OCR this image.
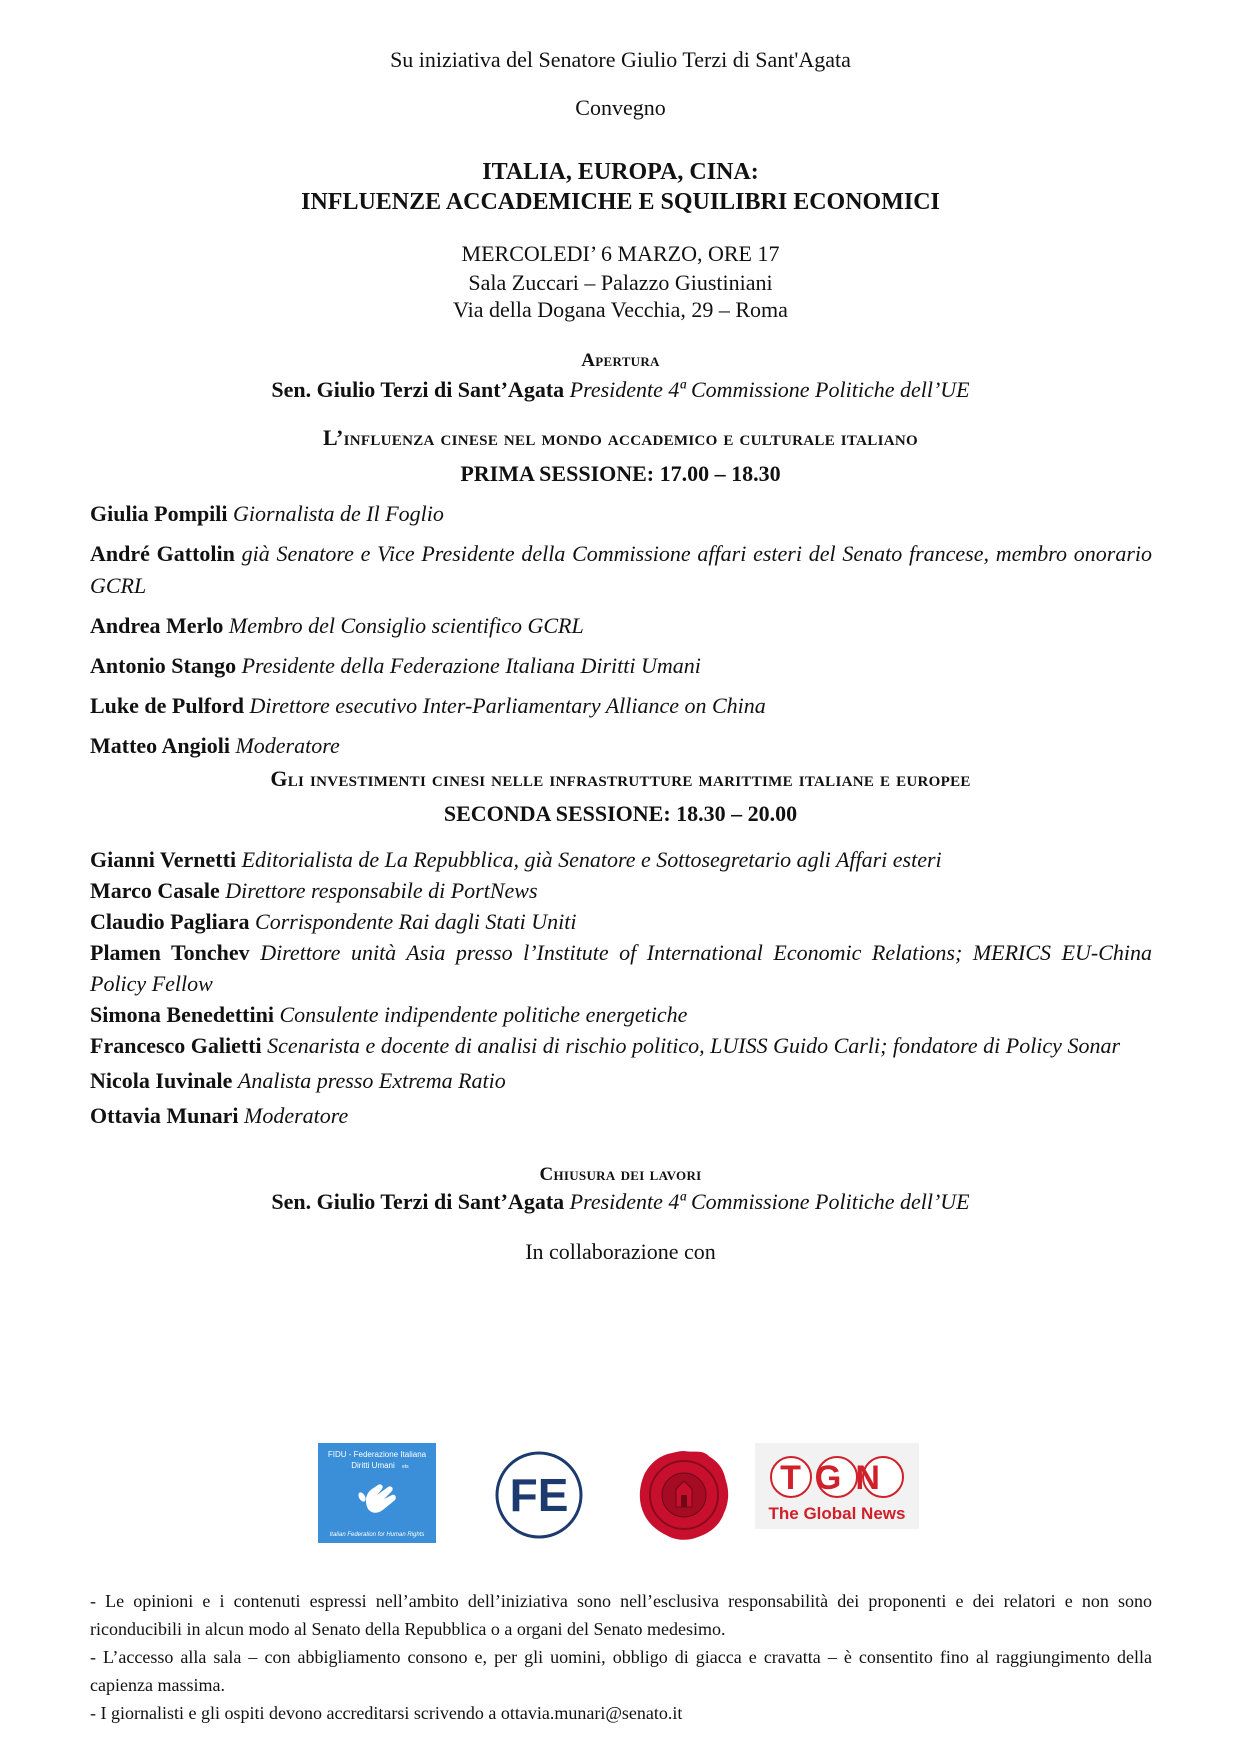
Su iniziativa del Senatore Giulio Terzi di Sant'Agata
Convegno
ITALIA, EUROPA, CINA:
INFLUENZE ACCADEMICHE E SQUILIBRI ECONOMICI
MERCOLEDI’ 6 MARZO, ORE 17
Sala Zuccari – Palazzo Giustiniani
Via della Dogana Vecchia, 29 – Roma
Apertura
Sen. Giulio Terzi di Sant’Agata Presidente 4ª Commissione Politiche dell’UE
L’influenza cinese nel mondo accademico e culturale italiano
PRIMA SESSIONE: 17.00 – 18.30
Giulia Pompili Giornalista de Il Foglio
André Gattolin già Senatore e Vice Presidente della Commissione affari esteri del Senato francese, membro onorario GCRL
Andrea Merlo Membro del Consiglio scientifico GCRL
Antonio Stango Presidente della Federazione Italiana Diritti Umani
Luke de Pulford Direttore esecutivo Inter-Parliamentary Alliance on China
Matteo Angioli Moderatore
Gli investimenti cinesi nelle infrastrutture marittime italiane e europee
SECONDA SESSIONE: 18.30 – 20.00
Gianni Vernetti Editorialista de La Repubblica, già Senatore e Sottosegretario agli Affari esteri
Marco Casale Direttore responsabile di PortNews
Claudio Pagliara Corrispondente Rai dagli Stati Uniti
Plamen Tonchev Direttore unità Asia presso l’Institute of International Economic Relations; MERICS EU-China Policy Fellow
Simona Benedettini Consulente indipendente politiche energetiche
Francesco Galietti Scenarista e docente di analisi di rischio politico, LUISS Guido Carli; fondatore di Policy Sonar
Nicola Iuvinale Analista presso Extrema Ratio
Ottavia Munari Moderatore
Chiusura dei lavori
Sen. Giulio Terzi di Sant’Agata Presidente 4ª Commissione Politiche dell’UE
In collaborazione con
FIDU - Federazione Italiana
Diritti Umani ets
Italian Federation for Human Rights
FE	TGN
The Global News
- Le opinioni e i contenuti espressi nell’ambito dell’iniziativa sono nell’esclusiva responsabilità dei proponenti e dei relatori e non sono riconducibili in alcun modo al Senato della Repubblica o a organi del Senato medesimo.
- L’accesso alla sala – con abbigliamento consono e, per gli uomini, obbligo di giacca e cravatta – è consentito fino al raggiungimento della capienza massima.
- I giornalisti e gli ospiti devono accreditarsi scrivendo a ottavia.munari@senato.it
